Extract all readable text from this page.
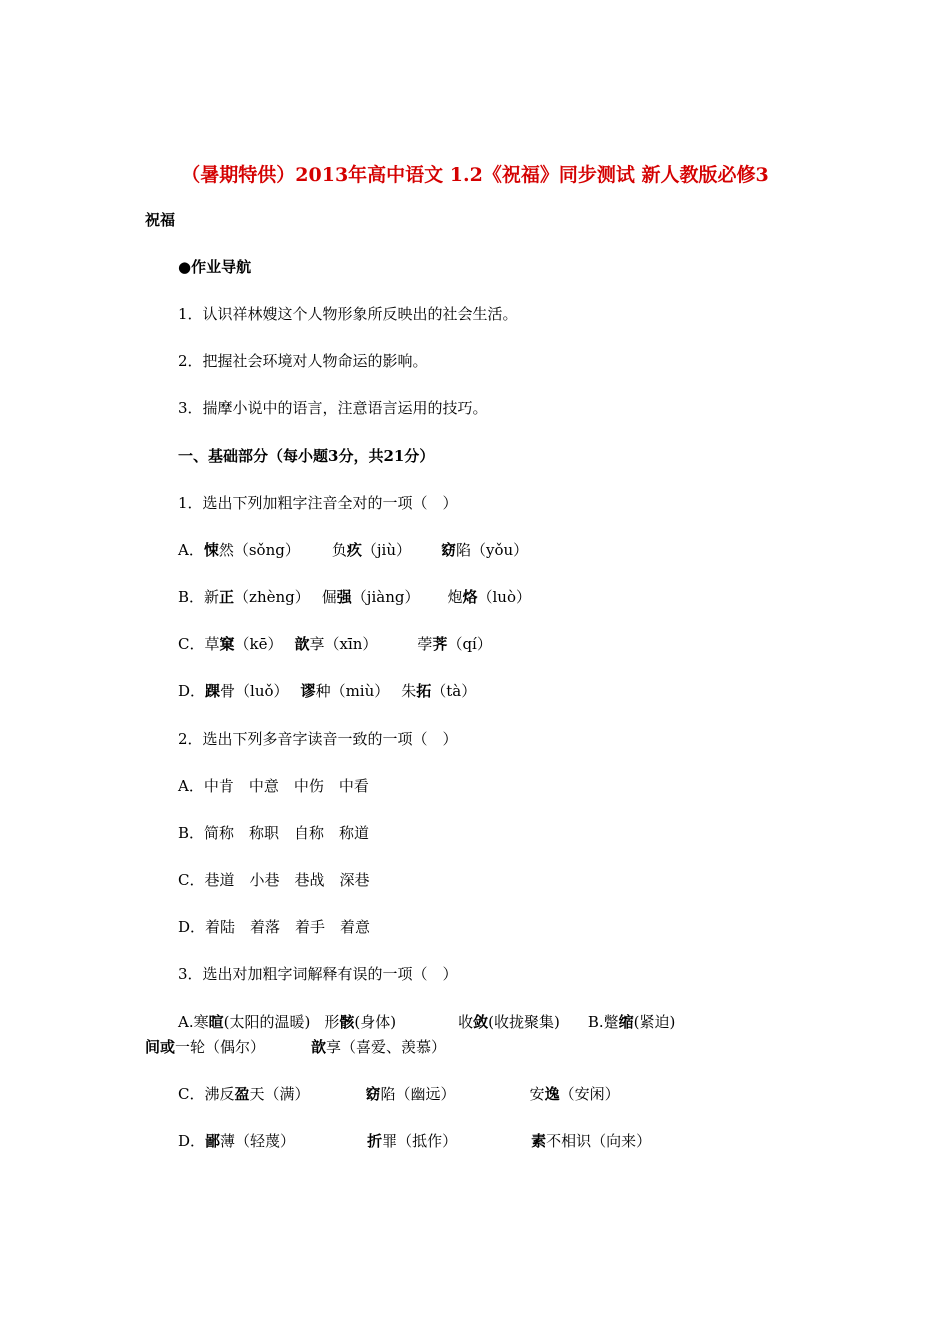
（暑期特供）2013年高中语文 1.2《祝福》同步测试 新人教版必修3
祝福
●作业导航
1．认识祥林嫂这个人物形象所反映出的社会生活。
2．把握社会环境对人物命运的影响。
3．揣摩小说中的语言，注意语言运用的技巧。
一、基础部分（每小题3分，共21分）
1．选出下列加粗字注音全对的一项（　）
A．悚然（sǒng） 负疚（jiù） 窈陷（yǒu）
B．新正（zhèng） 倔强（jiàng） 炮烙（luò）
C．草窠（kē） 歆享（xīn）	荸荠（qí）
D．踝骨（luǒ） 谬种（miù） 朱拓（tà）
2．选出下列多音字读音一致的一项（　）
A．中肯　中意　中伤　中看
B．简称　称职　自称　称道
C．巷道　小巷　巷战　深巷
D．着陆　着落　着手　着意
3．选出对加粗字词解释有误的一项（　）
A.寒暄(太阳的温暖) 形骸(身体)	收敛(收拢聚集) B.蹩缩(紧迫)
间或一轮（偶尔）	歆享（喜爱、羡慕）
C．沸反盈天（满）	窈陷（幽远）	安逸（安闲）
D．鄙薄（轻蔑）	折罪（抵作）	素不相识（向来）
